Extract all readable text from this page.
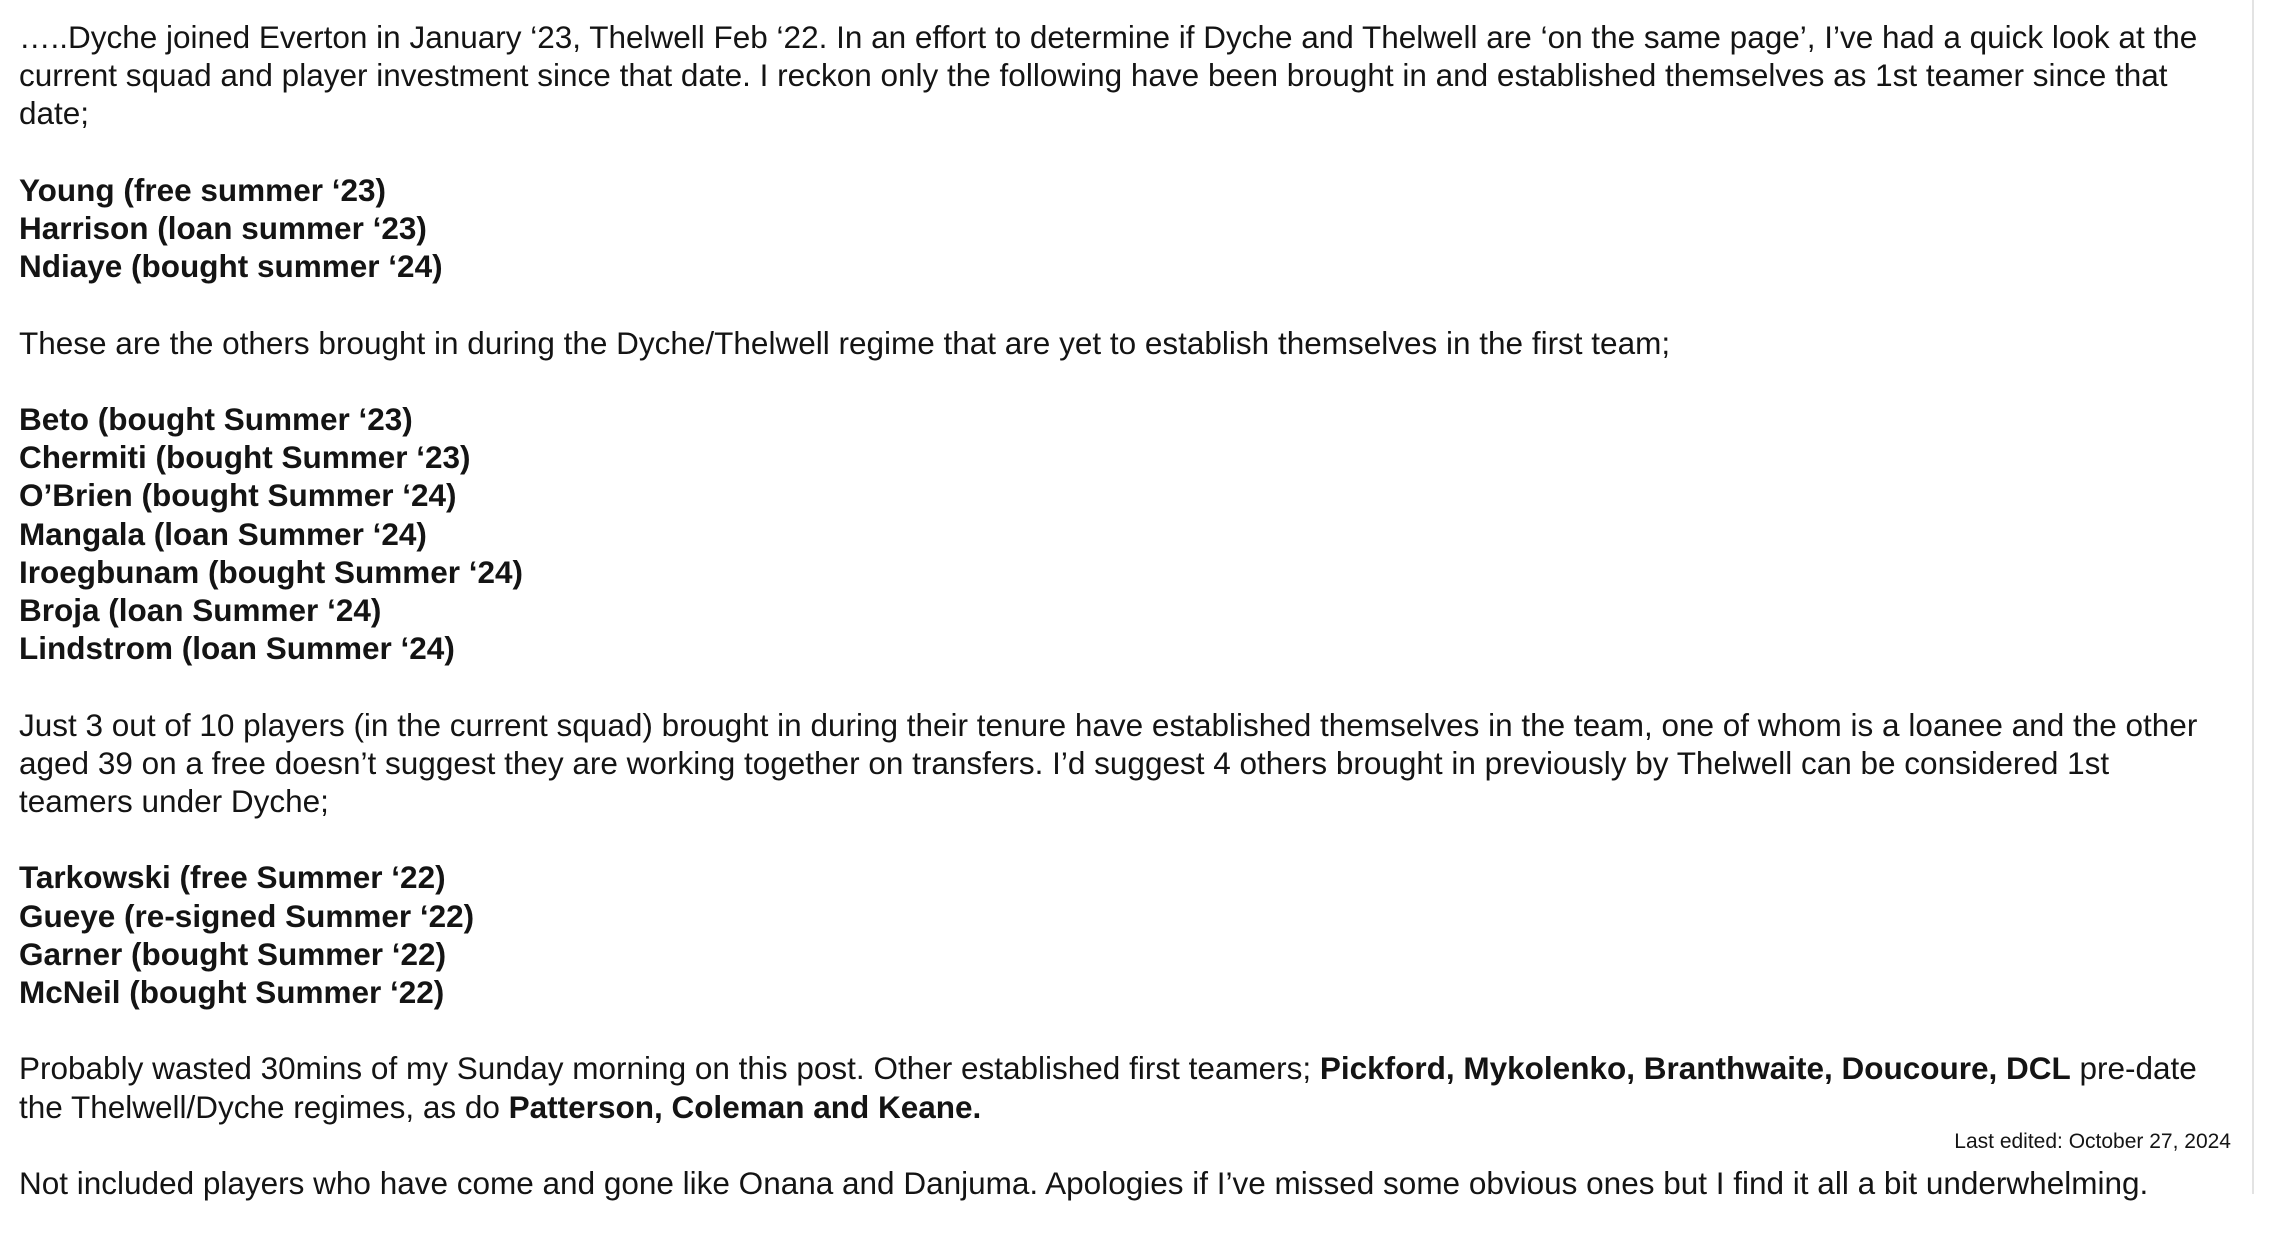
…..Dyche joined Everton in January ‘23, Thelwell Feb ‘22. In an effort to determine if Dyche and Thelwell are ‘on the same page’, I’ve had a quick look at the current squad and player investment since that date. I reckon only the following have been brought in and established themselves as 1st teamer since that date;

Young (free summer ‘23)
Harrison (loan summer ‘23)
Ndiaye (bought summer ‘24)

These are the others brought in during the Dyche/Thelwell regime that are yet to establish themselves in the first team;

Beto (bought Summer ‘23)
Chermiti (bought Summer ‘23)
O’Brien (bought Summer ‘24)
Mangala (loan Summer ‘24)
Iroegbunam (bought Summer ‘24)
Broja (loan Summer ‘24)
Lindstrom (loan Summer ‘24)

Just 3 out of 10 players (in the current squad) brought in during their tenure have established themselves in the team, one of whom is a loanee and the other aged 39 on a free doesn’t suggest they are working together on transfers. I’d suggest 4 others brought in previously by Thelwell can be considered 1st teamers under Dyche;

Tarkowski (free Summer ‘22)
Gueye (re-signed Summer ‘22)
Garner (bought Summer ‘22)
McNeil (bought Summer ‘22)

Probably wasted 30mins of my Sunday morning on this post. Other established first teamers; Pickford, Mykolenko, Branthwaite, Doucoure, DCL pre-date the Thelwell/Dyche regimes, as do Patterson, Coleman and Keane.

Not included players who have come and gone like Onana and Danjuma. Apologies if I’ve missed some obvious ones but I find it all a bit underwhelming.

Last edited: October 27, 2024
